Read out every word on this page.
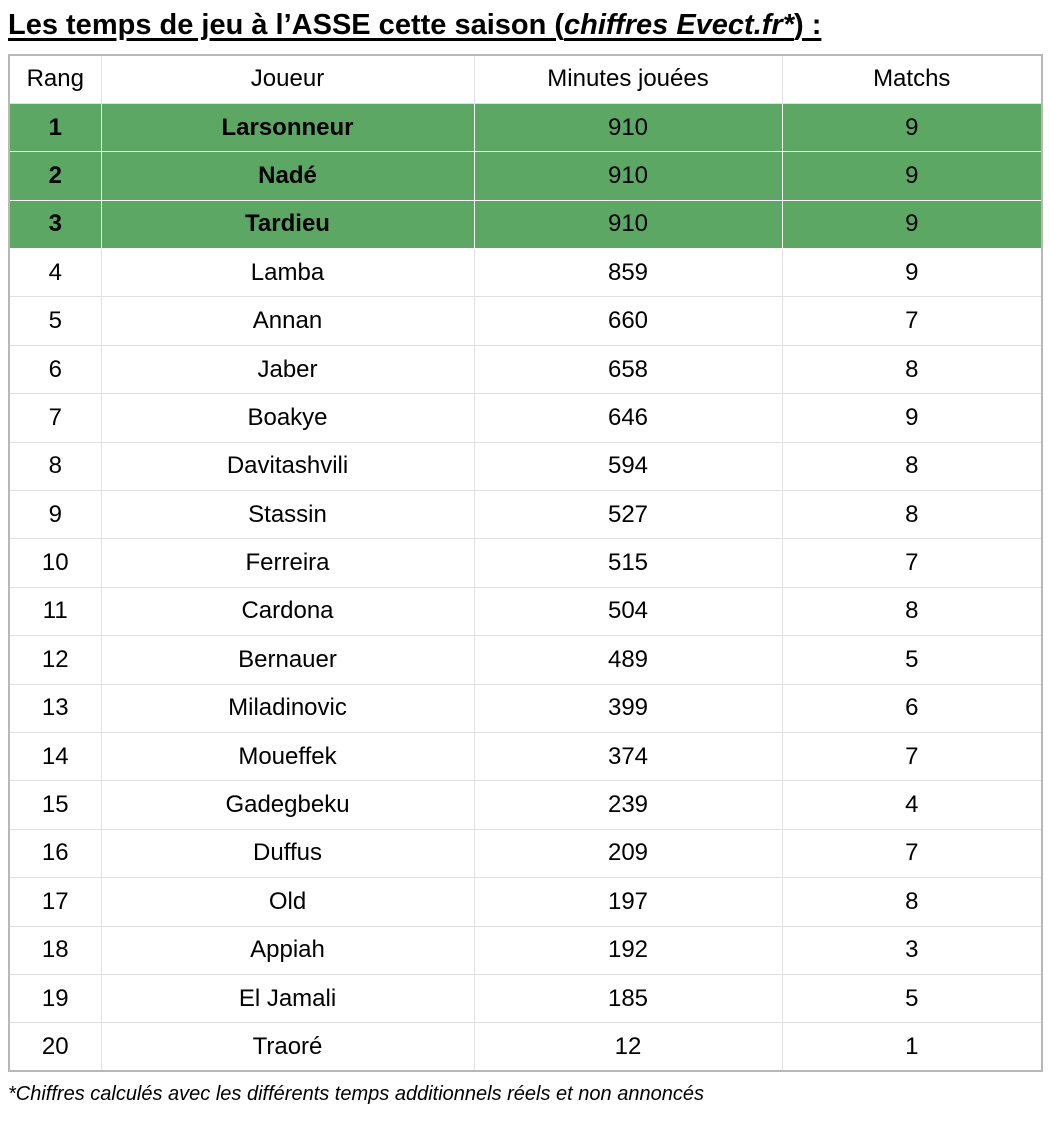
Les temps de jeu à l’ASSE cette saison (chiffres Evect.fr*) :
Rang	Joueur	Minutes jouées	Matchs
1	Larsonneur	910	9
2	Nadé	910	9
3	Tardieu	910	9
4	Lamba	859	9
5	Annan	660	7
6	Jaber	658	8
7	Boakye	646	9
8	Davitashvili	594	8
9	Stassin	527	8
10	Ferreira	515	7
11	Cardona	504	8
12	Bernauer	489	5
13	Miladinovic	399	6
14	Moueffek	374	7
15	Gadegbeku	239	4
16	Duffus	209	7
17	Old	197	8
18	Appiah	192	3
19	El Jamali	185	5
20	Traoré	12	1

*Chiffres calculés avec les différents temps additionnels réels et non annoncés
